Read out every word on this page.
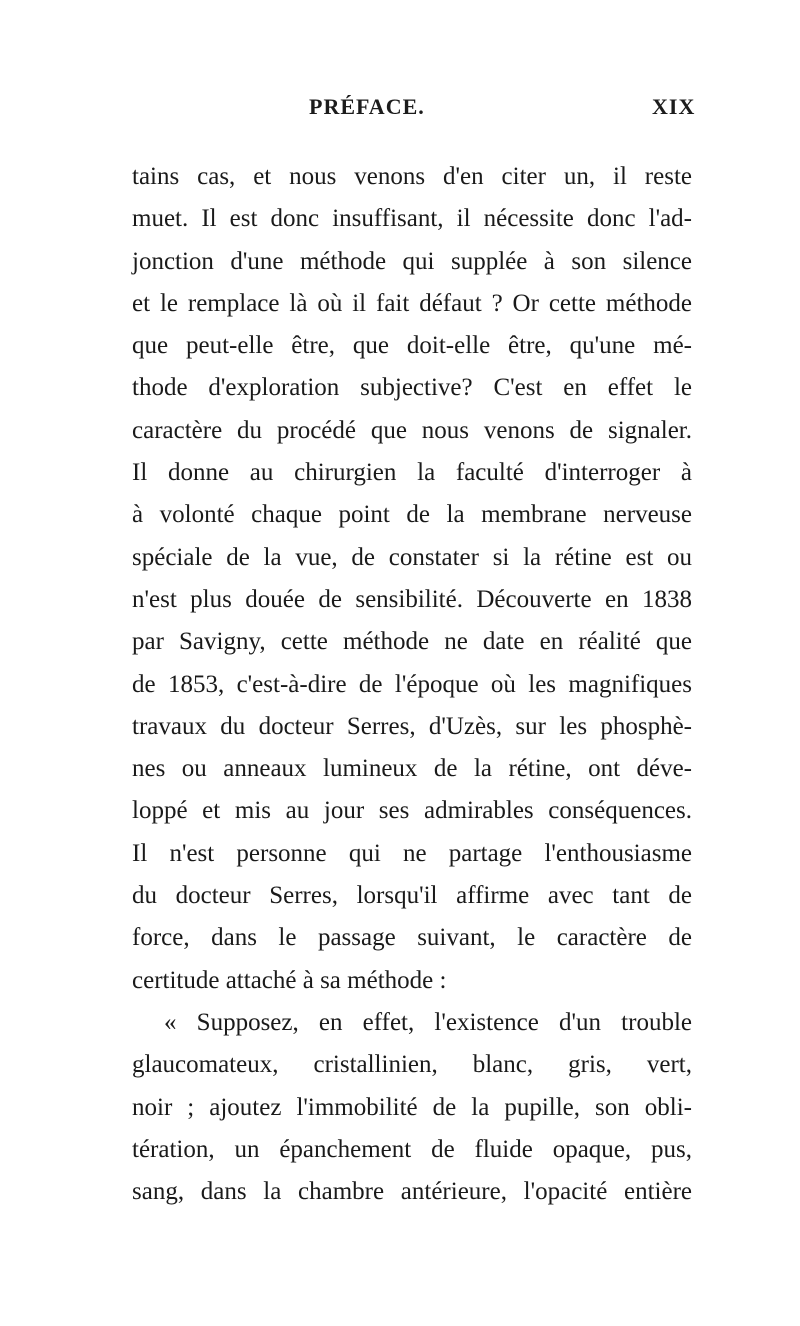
PRÉFACE.	XIX
tains cas, et nous venons d'en citer un, il reste
muet. Il est donc insuffisant, il nécessite donc l'ad-
jonction d'une méthode qui supplée à son silence
et le remplace là où il fait défaut ? Or cette méthode
que peut-elle être, que doit-elle être, qu'une mé-
thode d'exploration subjective? C'est en effet le
caractère du procédé que nous venons de signaler.
Il donne au chirurgien la faculté d'interroger à
à volonté chaque point de la membrane nerveuse
spéciale de la vue, de constater si la rétine est ou
n'est plus douée de sensibilité. Découverte en 1838
par Savigny, cette méthode ne date en réalité que
de 1853, c'est-à-dire de l'époque où les magnifiques
travaux du docteur Serres, d'Uzès, sur les phosphè-
nes ou anneaux lumineux de la rétine, ont déve-
loppé et mis au jour ses admirables conséquences.
Il n'est personne qui ne partage l'enthousiasme
du docteur Serres, lorsqu'il affirme avec tant de
force, dans le passage suivant, le caractère de
certitude attaché à sa méthode :
« Supposez, en effet, l'existence d'un trouble
glaucomateux, cristallinien, blanc, gris, vert,
noir ; ajoutez l'immobilité de la pupille, son obli-
tération, un épanchement de fluide opaque, pus,
sang, dans la chambre antérieure, l'opacité entière
